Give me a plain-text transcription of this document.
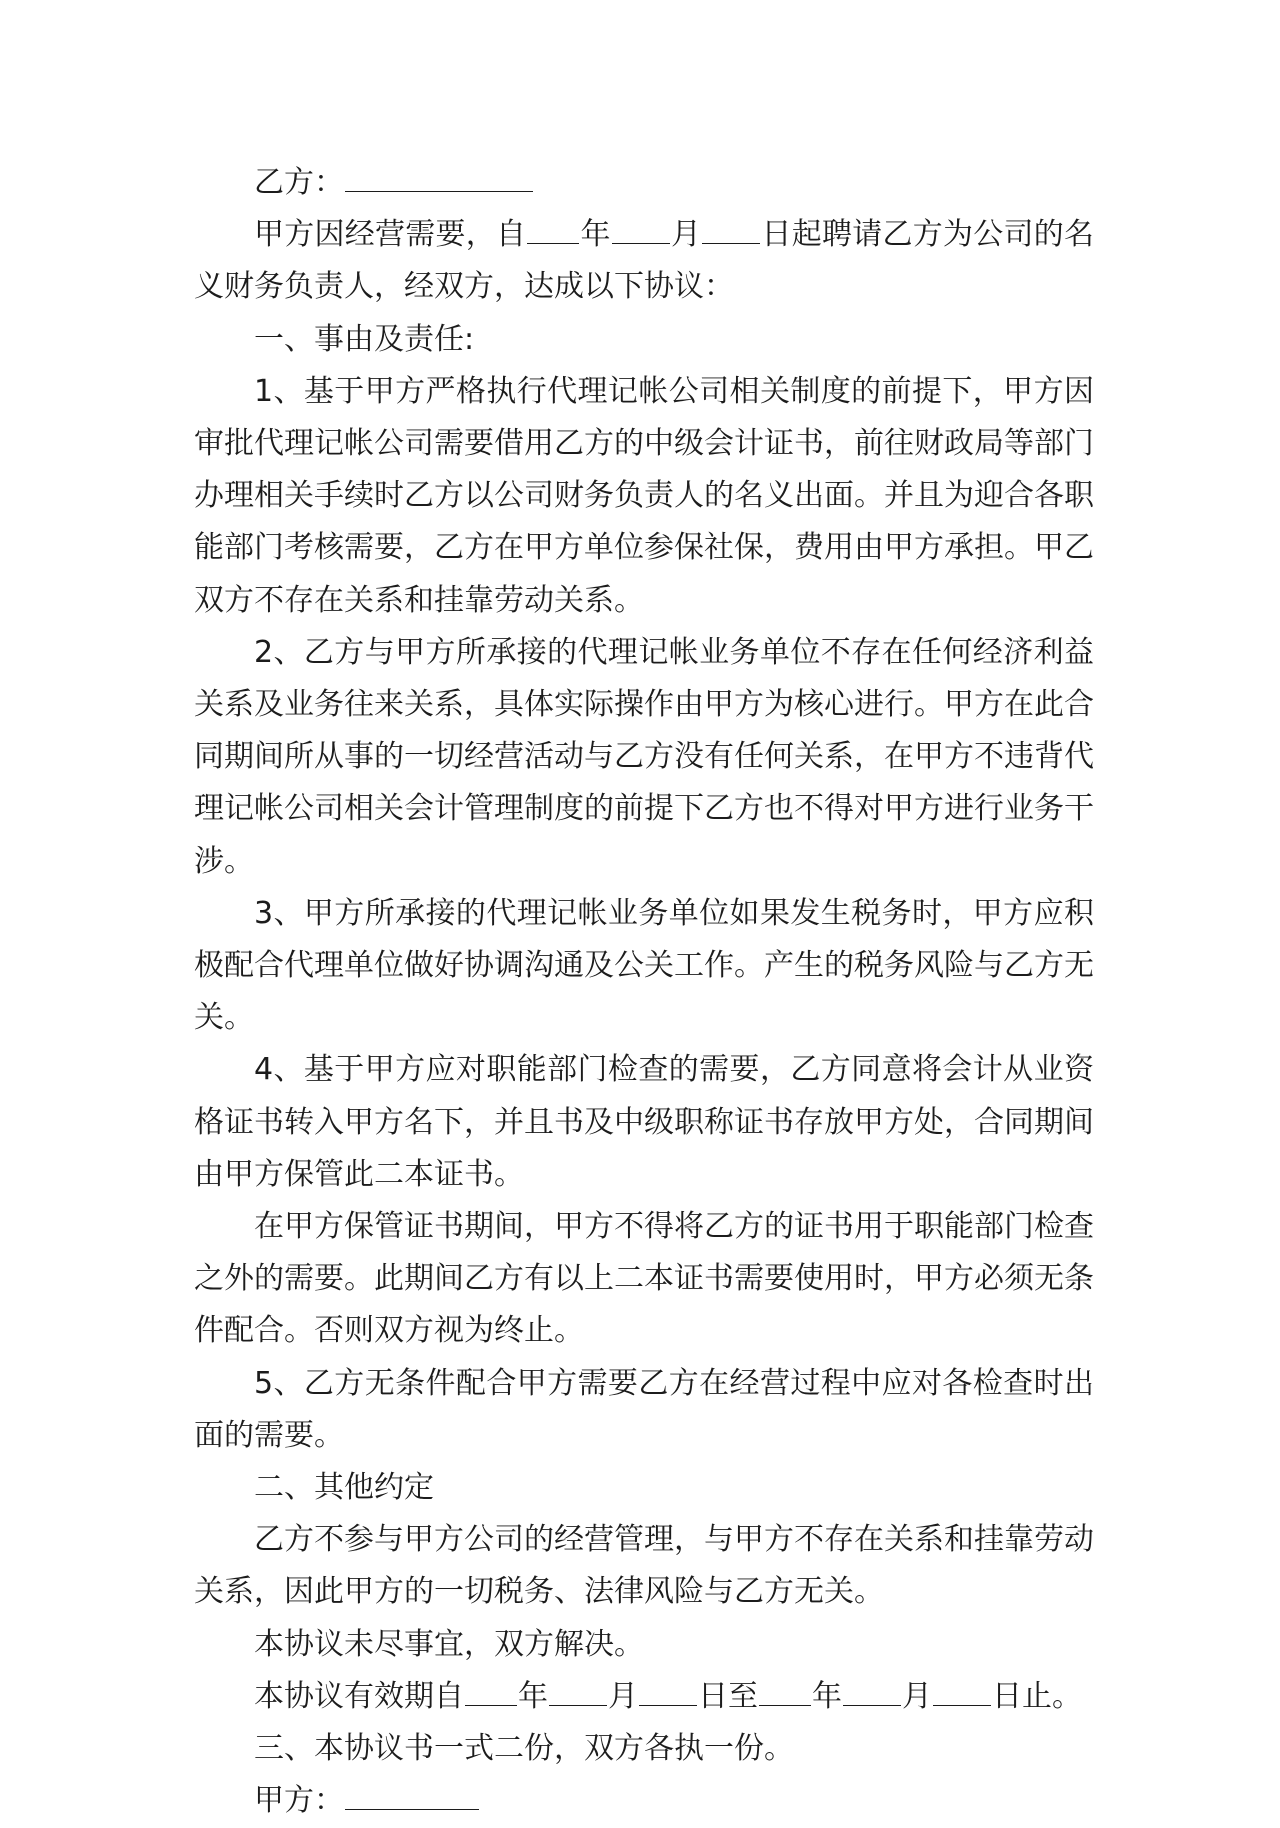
乙方：

甲方因经营需要，自 年 月 日起聘请乙方为公司的名义财务负责人，经双方，达成以下协议：

一、事由及责任:

1、基于甲方严格执行代理记帐公司相关制度的前提下，甲方因审批代理记帐公司需要借用乙方的中级会计证书，前往财政局等部门办理相关手续时乙方以公司财务负责人的名义出面。并且为迎合各职能部门考核需要，乙方在甲方单位参保社保，费用由甲方承担。甲乙双方不存在关系和挂靠劳动关系。

2、乙方与甲方所承接的代理记帐业务单位不存在任何经济利益关系及业务往来关系，具体实际操作由甲方为核心进行。甲方在此合同期间所从事的一切经营活动与乙方没有任何关系，在甲方不违背代理记帐公司相关会计管理制度的前提下乙方也不得对甲方进行业务干涉。

3、甲方所承接的代理记帐业务单位如果发生税务时，甲方应积极配合代理单位做好协调沟通及公关工作。产生的税务风险与乙方无关。

4、基于甲方应对职能部门检查的需要，乙方同意将会计从业资格证书转入甲方名下，并且书及中级职称证书存放甲方处，合同期间由甲方保管此二本证书。

在甲方保管证书期间，甲方不得将乙方的证书用于职能部门检查之外的需要。此期间乙方有以上二本证书需要使用时，甲方必须无条件配合。否则双方视为终止。

5、乙方无条件配合甲方需要乙方在经营过程中应对各检查时出面的需要。

二、其他约定

乙方不参与甲方公司的经营管理，与甲方不存在关系和挂靠劳动关系，因此甲方的一切税务、法律风险与乙方无关。

本协议未尽事宜，双方解决。

本协议有效期自 年 月 日至 年 月 日止。

三、本协议书一式二份，双方各执一份。

甲方：
